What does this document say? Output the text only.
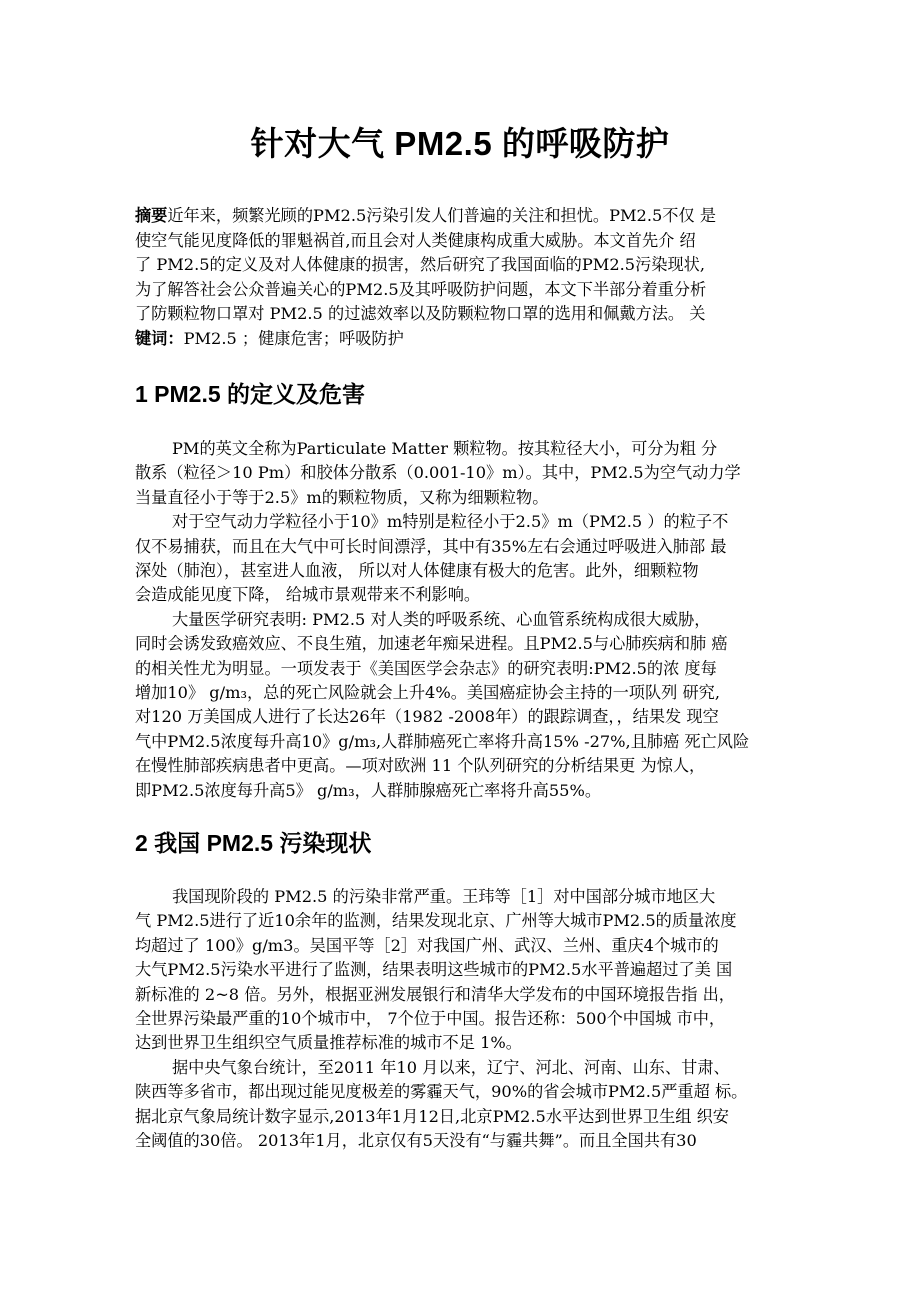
针对大气 PM2.5 的呼吸防护
摘要近年来，频繁光顾的PM2.5污染引发人们普遍的关注和担忧。PM2.5不仅 是
使空气能见度降低的罪魁祸首,而且会对人类健康构成重大威胁。本文首先介 绍
了 PM2.5的定义及对人体健康的损害，然后研究了我国面临的PM2.5污染现状,
为了解答社会公众普遍关心的PM2.5及其呼吸防护问题，本文下半部分着重分析
了防颗粒物口罩对 PM2.5 的过滤效率以及防颗粒物口罩的选用和佩戴方法。 关
键词：PM2.5 ；健康危害；呼吸防护
1 PM2.5 的定义及危害
PM的英文全称为Particulate Matter 颗粒物。按其粒径大小，可分为粗 分
散系（粒径＞10 Pm）和胶体分散系（0.001-10》m）。其中，PM2.5为空气动力学
当量直径小于等于2.5》m的颗粒物质，又称为细颗粒物。
对于空气动力学粒径小于10》m特别是粒径小于2.5》m（PM2.5 ）的粒子不
仅不易捕获，而且在大气中可长时间漂浮，其中有35%左右会通过呼吸进入肺部 最
深处（肺泡），甚室进人血液， 所以对人体健康有极大的危害。此外，细颗粒物
会造成能见度下降， 给城市景观带来不利影响。
大量医学研究表明: PM2.5 对人类的呼吸系统、心血管系统构成很大威胁，
同时会诱发致癌效应、不良生殖，加速老年痴呆进程。且PM2.5与心肺疾病和肺 癌
的相关性尤为明显。一项发表于《美国医学会杂志》的研究表明:PM2.5的浓 度每
增加10》 g/m₃，总的死亡风险就会上升4%。美国癌症协会主持的一项队列 研究,
对120 万美国成人进行了长达26年（1982 -2008年）的跟踪调查，，结果发 现空
气中PM2.5浓度每升高10》g/m₃,人群肺癌死亡率将升高15% -27%,且肺癌 死亡风险
在慢性肺部疾病患者中更高。—项对欧洲 11 个队列研究的分析结果更 为惊人，
即PM2.5浓度每升高5》 g/m₃，人群肺腺癌死亡率将升高55%。
2 我国 PM2.5 污染现状
我国现阶段的 PM2.5 的污染非常严重。王玮等［1］对中国部分城市地区大
气 PM2.5进行了近10余年的监测，结果发现北京、广州等大城市PM2.5的质量浓度
均超过了 100》g/m3。吴国平等［2］对我国广州、武汉、兰州、重庆4个城市的
大气PM2.5污染水平进行了监测，结果表明这些城市的PM2.5水平普遍超过了美 国
新标准的 2~8 倍。另外，根据亚洲发展银行和清华大学发布的中国环境报告指 出，
全世界污染最严重的10个城市中， 7个位于中国。报告还称：500个中国城 市中，
达到世界卫生组织空气质量推荐标准的城市不足 1%。
据中央气象台统计，至2011 年10 月以来，辽宁、河北、河南、山东、甘肃、
陕西等多省市，都出现过能见度极差的雾霾天气，90%的省会城市PM2.5严重超 标。
据北京气象局统计数字显示,2013年1月12日,北京PM2.5水平达到世界卫生组 织安
全阈值的30倍。 2013年1月，北京仅有5天没有“与霾共舞”。而且全国共有30
